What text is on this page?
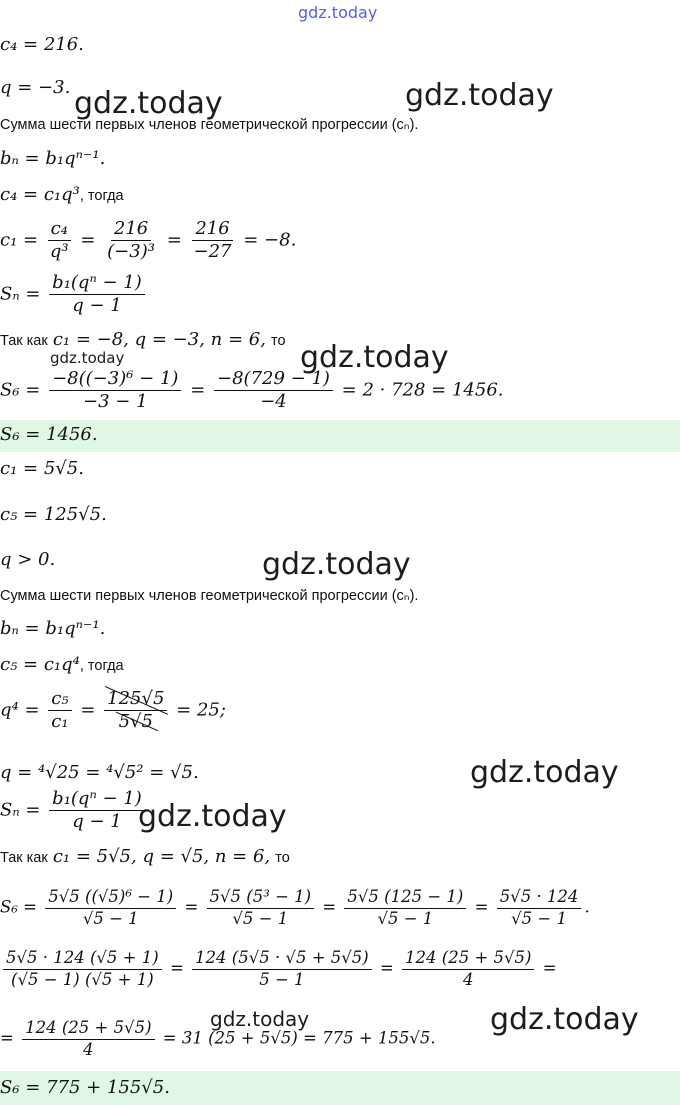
gdz.today
gdz.today	gdz.today
gdz.today	gdz.today
gdz.today
gdz.today
gdz.today
gdz.today	gdz.today
c₄ = 216.
q = −3.
Сумма шести первых членов геометрической прогрессии (cₙ).
bₙ = b₁qⁿ⁻¹.
c₄ = c₁q³, тогда
$c_1 = \frac{\text{c₄}}{\text{q³}} = \frac{216}{\text{(−3)³}} = \frac{216}{-27} = -8$.
$S_n = \frac{\text{b₁(qⁿ − 1)}}{q - 1}$
Так как c₁ = −8, q = −3, n = 6, то
$S_6 = \frac{\text{−8((−3)⁶ − 1)}}{-3 - 1} = \frac{-8(729 - 1)}{-4} = 2 \cdot 728 = 1456$.
S₆ = 1456.
c₁ = 5√5.
c₅ = 125√5.
q > 0.
Сумма шести первых членов геометрической прогрессии (cₙ).
bₙ = b₁qⁿ⁻¹.
c₅ = c₁q⁴, тогда
$q^4 = \frac{\text{c₅}}{\text{c₁}} = \frac{125√5}{5√5} = 25$;
q = ⁴√25 = ⁴√5² = √5.
$S_n = \frac{\text{b₁(qⁿ − 1)}}{q - 1}$
Так как c₁ = 5√5, q = √5, n = 6, то
$S_6 = \frac{\text{5√5 ((√5)⁶ − 1)}}{√5 - 1} = \frac{\text{5√5 (5³ − 1)}}{√5 - 1} = \frac{5√5 (125 - 1)}{√5 - 1} = \frac{5√5 \cdot 124}{√5 - 1}$ .
$\frac{5√5 \cdot 124 (√5 + 1)}{(√5 - 1) (√5 + 1)} = \frac{124 (5√5 \cdot √5 + 5√5)}{5 - 1} = \frac{124 (25 + 5√5)}{4}$ =
= $\frac{124 (25 + 5√5)}{4} = 31$ (25 + 5√5) = 775 + 155√5.
S₆ = 775 + 155√5.
